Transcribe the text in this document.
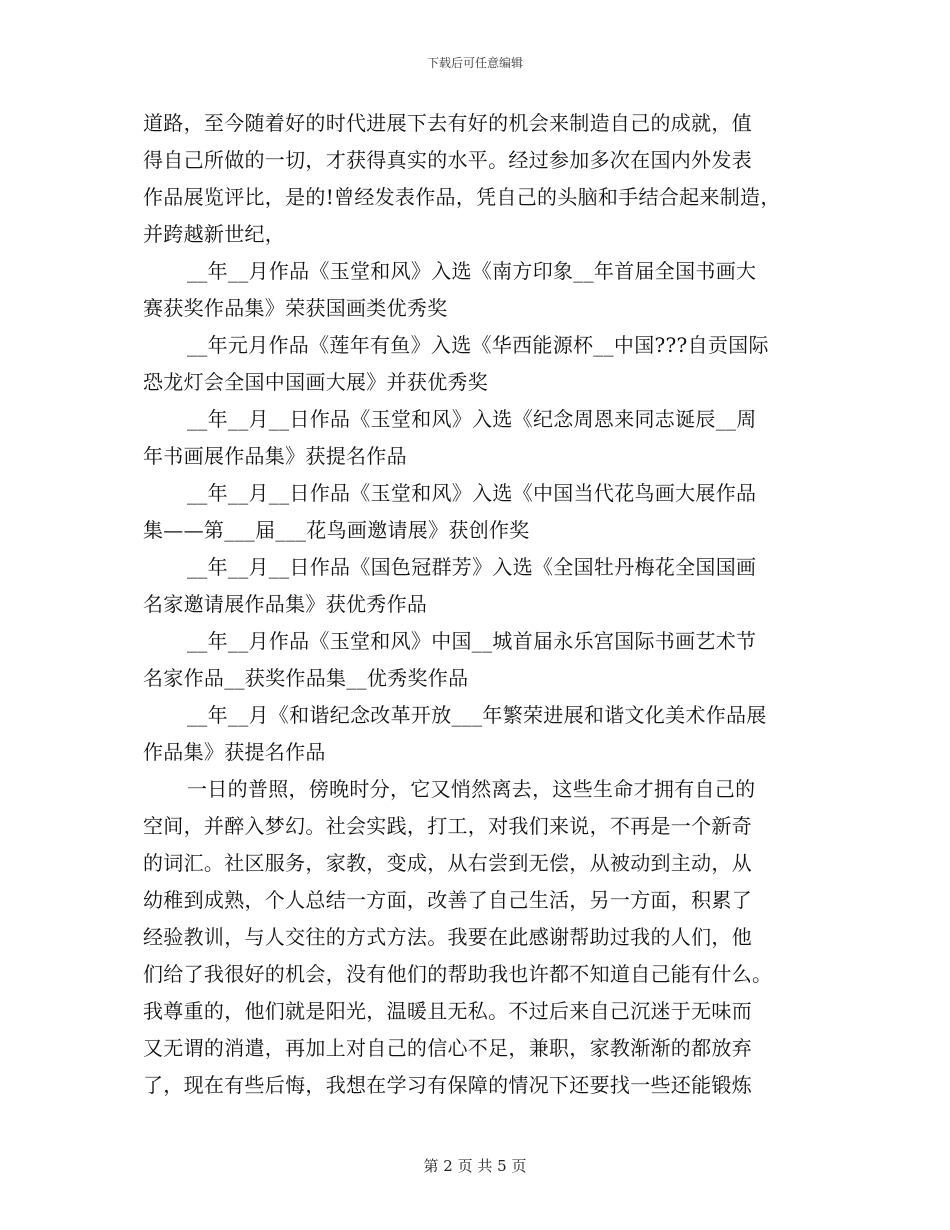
下载后可任意编辑
道路，至今随着好的时代进展下去有好的机会来制造自己的成就，值
得自己所做的一切，才获得真实的水平。经过参加多次在国内外发表
作品展览评比，是的!曾经发表作品，凭自己的头脑和手结合起来制造，
并跨越新世纪，
__年__月作品《玉堂和风》入选《南方印象__年首届全国书画大
赛获奖作品集》荣获国画类优秀奖
__年元月作品《莲年有鱼》入选《华西能源杯__中国???自贡国际
恐龙灯会全国中国画大展》并获优秀奖
__年__月__日作品《玉堂和风》入选《纪念周恩来同志诞辰__周
年书画展作品集》获提名作品
__年__月__日作品《玉堂和风》入选《中国当代花鸟画大展作品
集——第___届___花鸟画邀请展》获创作奖
__年__月__日作品《国色冠群芳》入选《全国牡丹梅花全国国画
名家邀请展作品集》获优秀作品
__年__月作品《玉堂和风》中国__城首届永乐宫国际书画艺术节
名家作品__获奖作品集__优秀奖作品
__年__月《和谐纪念改革开放___年繁荣进展和谐文化美术作品展
作品集》获提名作品
一日的普照，傍晚时分，它又悄然离去，这些生命才拥有自己的
空间，并醉入梦幻。社会实践，打工，对我们来说，不再是一个新奇
的词汇。社区服务，家教，变成，从右尝到无偿，从被动到主动，从
幼稚到成熟，个人总结一方面，改善了自己生活，另一方面，积累了
经验教训，与人交往的方式方法。我要在此感谢帮助过我的人们，他
们给了我很好的机会，没有他们的帮助我也许都不知道自己能有什么。
我尊重的，他们就是阳光，温暖且无私。不过后来自己沉迷于无味而
又无谓的消遣，再加上对自己的信心不足，兼职，家教渐渐的都放弃
了，现在有些后悔，我想在学习有保障的情况下还要找一些还能锻炼
第 2 页 共 5 页
